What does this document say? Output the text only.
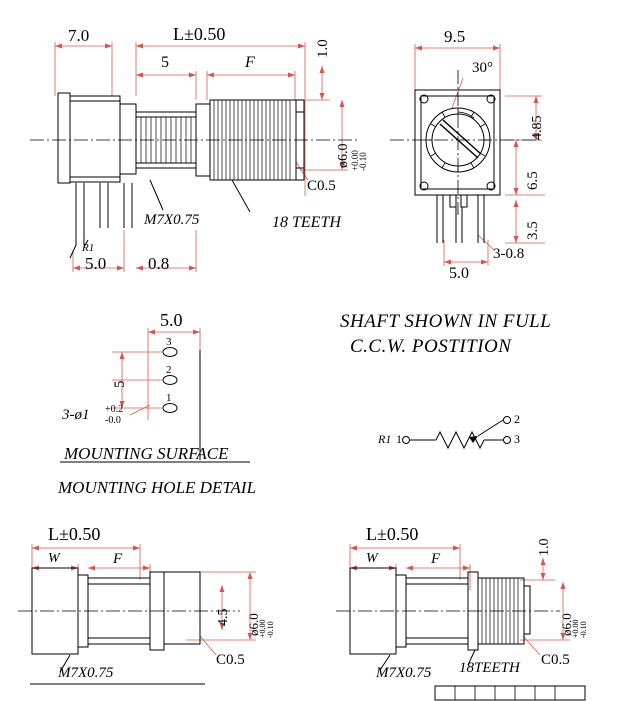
7.0	L±0.50
5	F
1.0
ø6.0 +0.00
-0.10
C0.5
M7X0.75	18 TEETH
R1
5.0 0.8
9.5
30°
4.85
6.5
3.5
3-0.8
5.0
SHAFT SHOWN IN FULL
C.C.W. POSTITION
5.0
5
3
2
1
3-ø1 +0.2
-0.0
MOUNTING SURFACE
MOUNTING HOLE DETAIL
R1 1
2
3
L±0.50
W	F
4.5 ø6.0
+0.00 -0.10
C0.5
M7X0.75
L±0.50
W	F
1.0
ø6.0
+0.00 -0.10
C0.5
M7X0.75 18TEETH
